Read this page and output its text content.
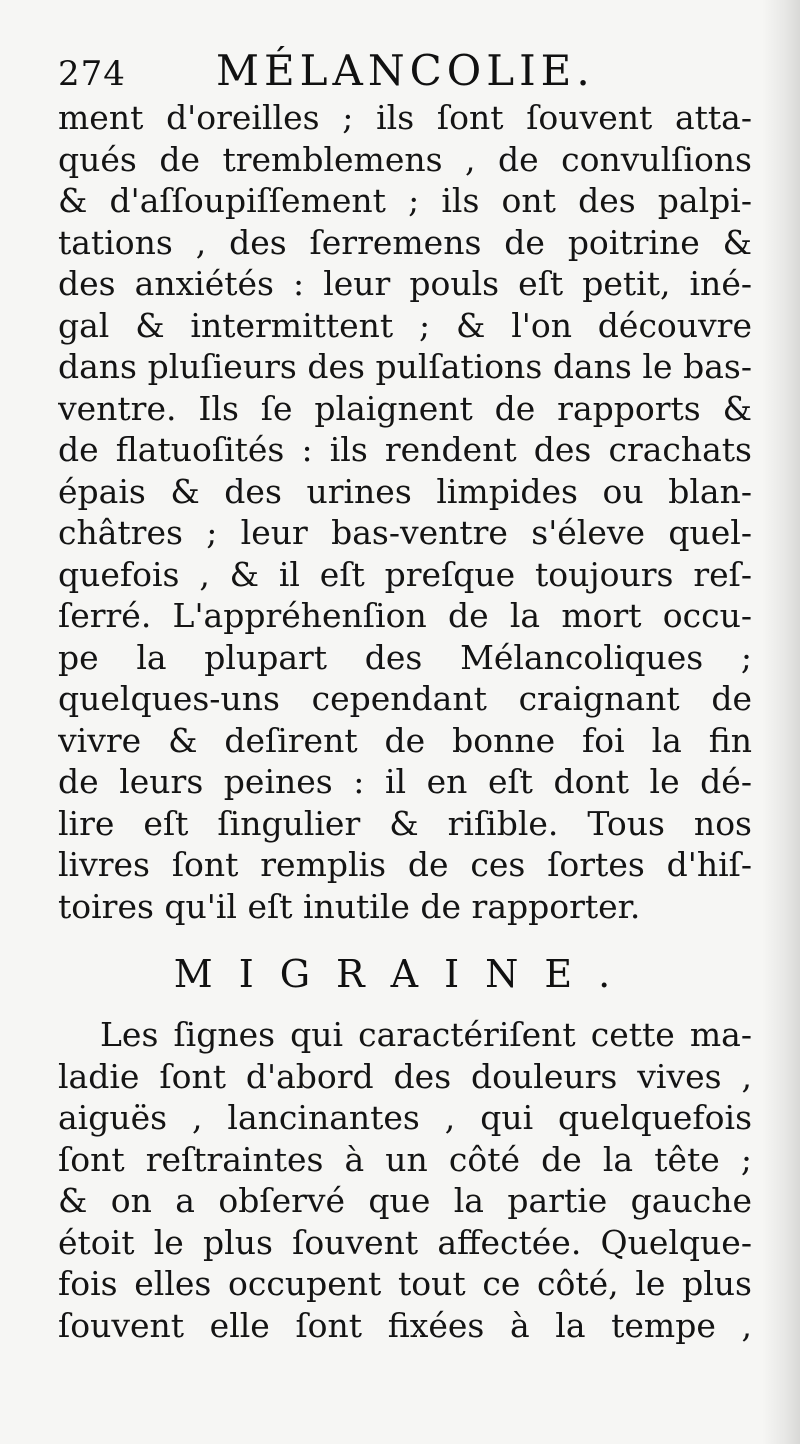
274 MÉLANCOLIE.
ment d'oreilles ; ils ſont ſouvent atta-
qués de tremblemens , de convulſions
& d'aſſoupiſſement ; ils ont des palpi-
tations , des ſerremens de poitrine &
des anxiétés : leur pouls eſt petit, iné-
gal & intermittent ; & l'on découvre
dans pluſieurs des pulſations dans le bas-
ventre. Ils ſe plaignent de rapports &
de flatuoſités : ils rendent des crachats
épais & des urines limpides ou blan-
châtres ; leur bas-ventre s'éleve quel-
quefois , & il eſt preſque toujours reſ-
ſerré. L'appréhenſion de la mort occu-
pe la plupart des Mélancoliques ;
quelques-uns cependant craignant de
vivre & deſirent de bonne foi la fin
de leurs peines : il en eſt dont le dé-
lire eſt ſingulier & riſible. Tous nos
livres ſont remplis de ces ſortes d'hiſ-
toires qu'il eſt inutile de rapporter.
MIGRAINE.
Les ſignes qui caractériſent cette ma-
ladie ſont d'abord des douleurs vives ,
aiguës , lancinantes , qui quelquefois
ſont reſtraintes à un côté de la tête ;
& on a obſervé que la partie gauche
étoit le plus ſouvent affectée. Quelque-
fois elles occupent tout ce côté, le plus
ſouvent elle ſont fixées à la tempe ,
